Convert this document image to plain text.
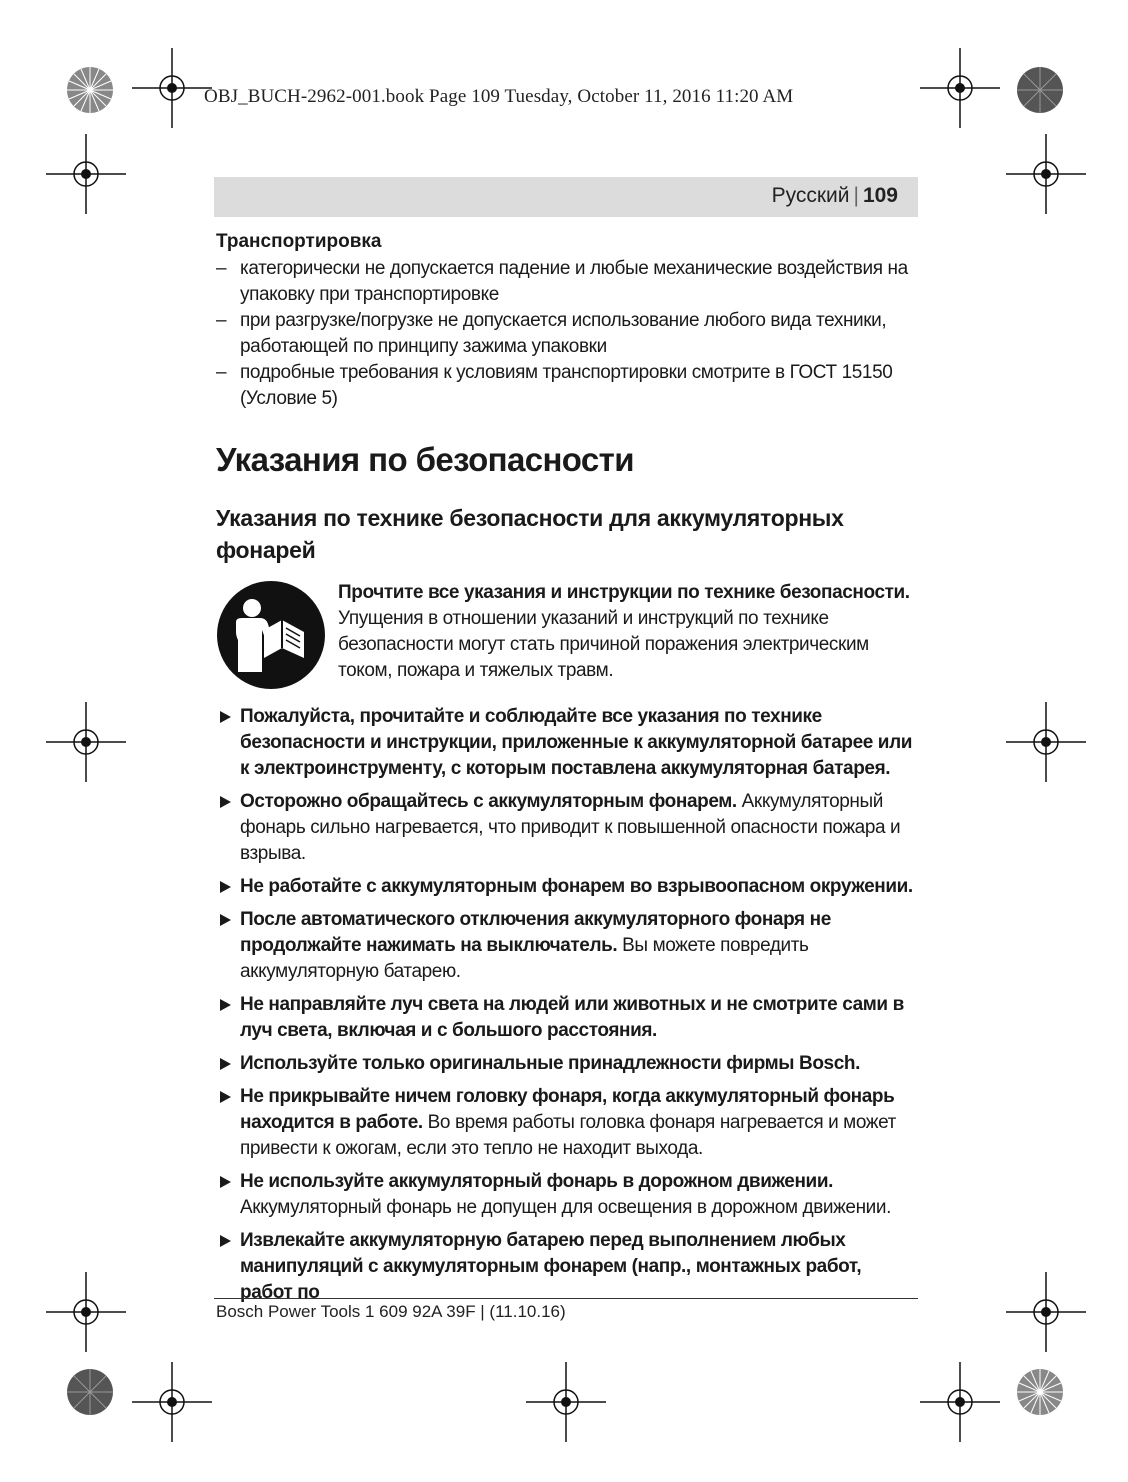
OBJ_BUCH-2962-001.book Page 109 Tuesday, October 11, 2016 11:20 AM
Русский | 109

Транспортировка

– категорически не допускается падение и любые механические воздействия на упаковку при транспортировке
– при разгрузке/погрузке не допускается использование любого вида техники, работающей по принципу зажима упаковки
– подробные требования к условиям транспортировки смотрите в ГОСТ 15150 (Условие 5)
Указания по безопасности
Указания по технике безопасности для аккумуляторных фонарей
Прочтите все указания и инструкции по технике безопасности. Упущения в отношении указаний и инструкций по технике безопасности могут стать причиной поражения электрическим током, пожара и тяжелых травм.
Пожалуйста, прочитайте и соблюдайте все указания по технике безопасности и инструкции, приложенные к аккумуляторной батарее или к электроинструменту, с которым поставлена аккумуляторная батарея.
Осторожно обращайтесь с аккумуляторным фонарем. Аккумуляторный фонарь сильно нагревается, что приводит к повышенной опасности пожара и взрыва.
Не работайте с аккумуляторным фонарем во взрывоопасном окружении.
После автоматического отключения аккумуляторного фонаря не продолжайте нажимать на выключатель. Вы можете повредить аккумуляторную батарею.
Не направляйте луч света на людей или животных и не смотрите сами в луч света, включая и с большого расстояния.
Используйте только оригинальные принадлежности фирмы Bosch.
Не прикрывайте ничем головку фонаря, когда аккумуляторный фонарь находится в работе. Во время работы головка фонаря нагревается и может привести к ожогам, если это тепло не находит выхода.
Не используйте аккумуляторный фонарь в дорожном движении. Аккумуляторный фонарь не допущен для освещения в дорожном движении.
Извлекайте аккумуляторную батарею перед выполнением любых манипуляций с аккумуляторным фонарем (напр., монтажных работ, работ по
Bosch Power Tools 1 609 92A 39F | (11.10.16)
